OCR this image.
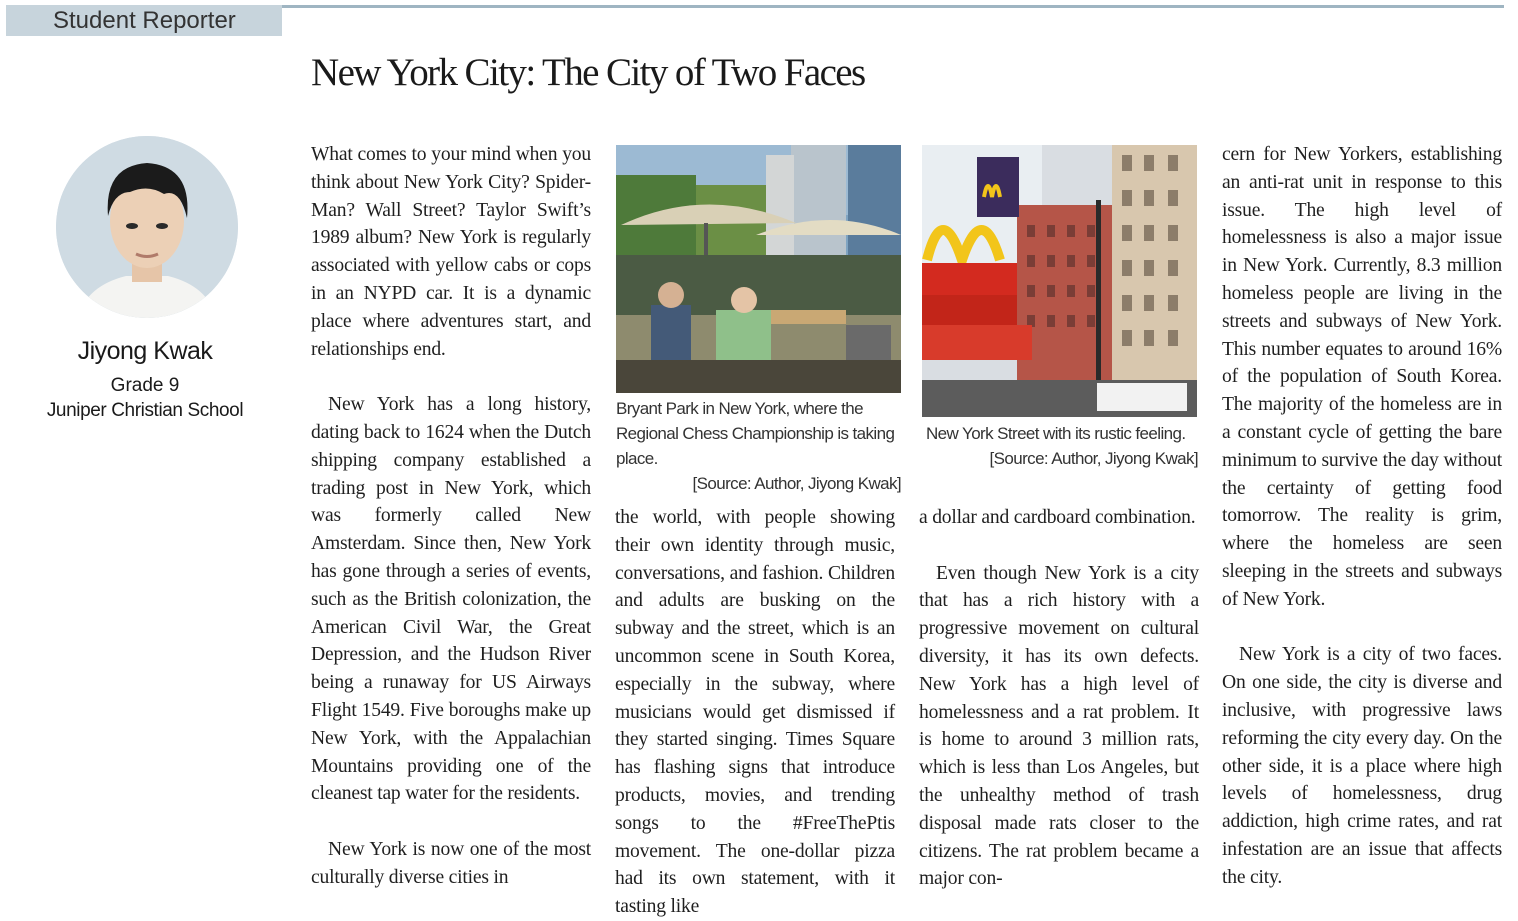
Student Reporter
New York City: The City of Two Faces
Jiyong Kwak
Grade 9
Juniper Christian School

What comes to your mind when you think about New York City? Spider-Man? Wall Street? Taylor Swift’s 1989 album? New York is regularly associated with yellow cabs or cops in an NYPD car. It is a dynamic place where adventures start, and relationships end.

New York has a long history, dating back to 1624 when the Dutch shipping company established a trading post in New York, which was formerly called New Amsterdam. Since then, New York has gone through a series of events, such as the British colonization, the American Civil War, the Great Depression, and the Hudson River being a runaway for US Airways Flight 1549. Five boroughs make up New York, with the Appalachian Mountains providing one of the cleanest tap water for the residents.

New York is now one of the most culturally diverse cities in

Bryant Park in New York, where the Regional Chess Championship is taking place.
[Source: Author, Jiyong Kwak]

the world, with people showing their own identity through music, conversations, and fashion. Children and adults are busking on the subway and the street, which is an uncommon scene in South Korea, especially in the subway, where musicians would get dismissed if they started singing. Times Square has flashing signs that introduce products, movies, and trending songs to the #FreeThePtis movement. The one-dollar pizza had its own statement, with it tasting like

New York Street with its rustic feeling.
[Source: Author, Jiyong Kwak]

a dollar and cardboard combination.

Even though New York is a city that has a rich history with a progressive movement on cultural diversity, it has its own defects. New York has a high level of homelessness and a rat problem. It is home to around 3 million rats, which is less than Los Angeles, but the unhealthy method of trash disposal made rats closer to the citizens. The rat problem became a major con-

cern for New Yorkers, establishing an anti-rat unit in response to this issue. The high level of homelessness is also a major issue in New York. Currently, 8.3 million homeless people are living in the streets and subways of New York. This number equates to around 16% of the population of South Korea. The majority of the homeless are in a constant cycle of getting the bare minimum to survive the day without the certainty of getting food tomorrow. The reality is grim, where the homeless are seen sleeping in the streets and subways of New York.

New York is a city of two faces. On one side, the city is diverse and inclusive, with progressive laws reforming the city every day. On the other side, it is a place where high levels of homelessness, drug addiction, high crime rates, and rat infestation are an issue that affects the city.
